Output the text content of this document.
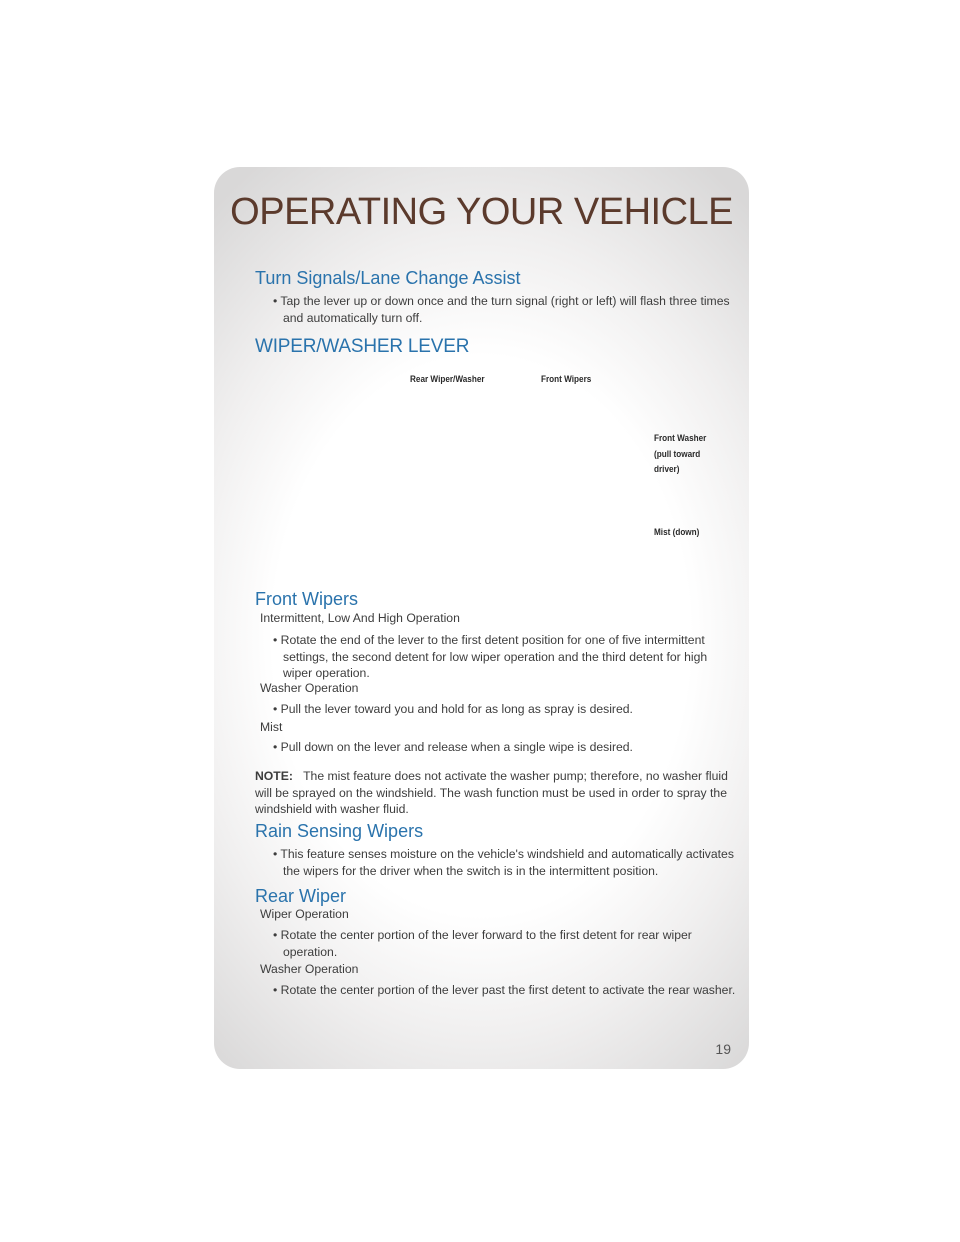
OPERATING YOUR VEHICLE
Turn Signals/Lane Change Assist

• Tap the lever up or down once and the turn signal (right or left) will flash three times and automatically turn off.

WIPER/WASHER LEVER

Rear Wiper/Washer	Front Wipers

Front Washer

(pull toward

driver)

Mist (down)

Front Wipers

Intermittent, Low And High Operation

• Rotate the end of the lever to the first detent position for one of five intermittent settings, the second detent for low wiper operation and the third detent for high wiper operation.

Washer Operation

• Pull the lever toward you and hold for as long as spray is desired.

Mist

• Pull down on the lever and release when a single wipe is desired.

NOTE: The mist feature does not activate the washer pump; therefore, no washer fluid will be sprayed on the windshield. The wash function must be used in order to spray the windshield with washer fluid.

Rain Sensing Wipers

• This feature senses moisture on the vehicle's windshield and automatically activates the wipers for the driver when the switch is in the intermittent position.

Rear Wiper

Wiper Operation

• Rotate the center portion of the lever forward to the first detent for rear wiper operation.

Washer Operation

• Rotate the center portion of the lever past the first detent to activate the rear washer.

19
